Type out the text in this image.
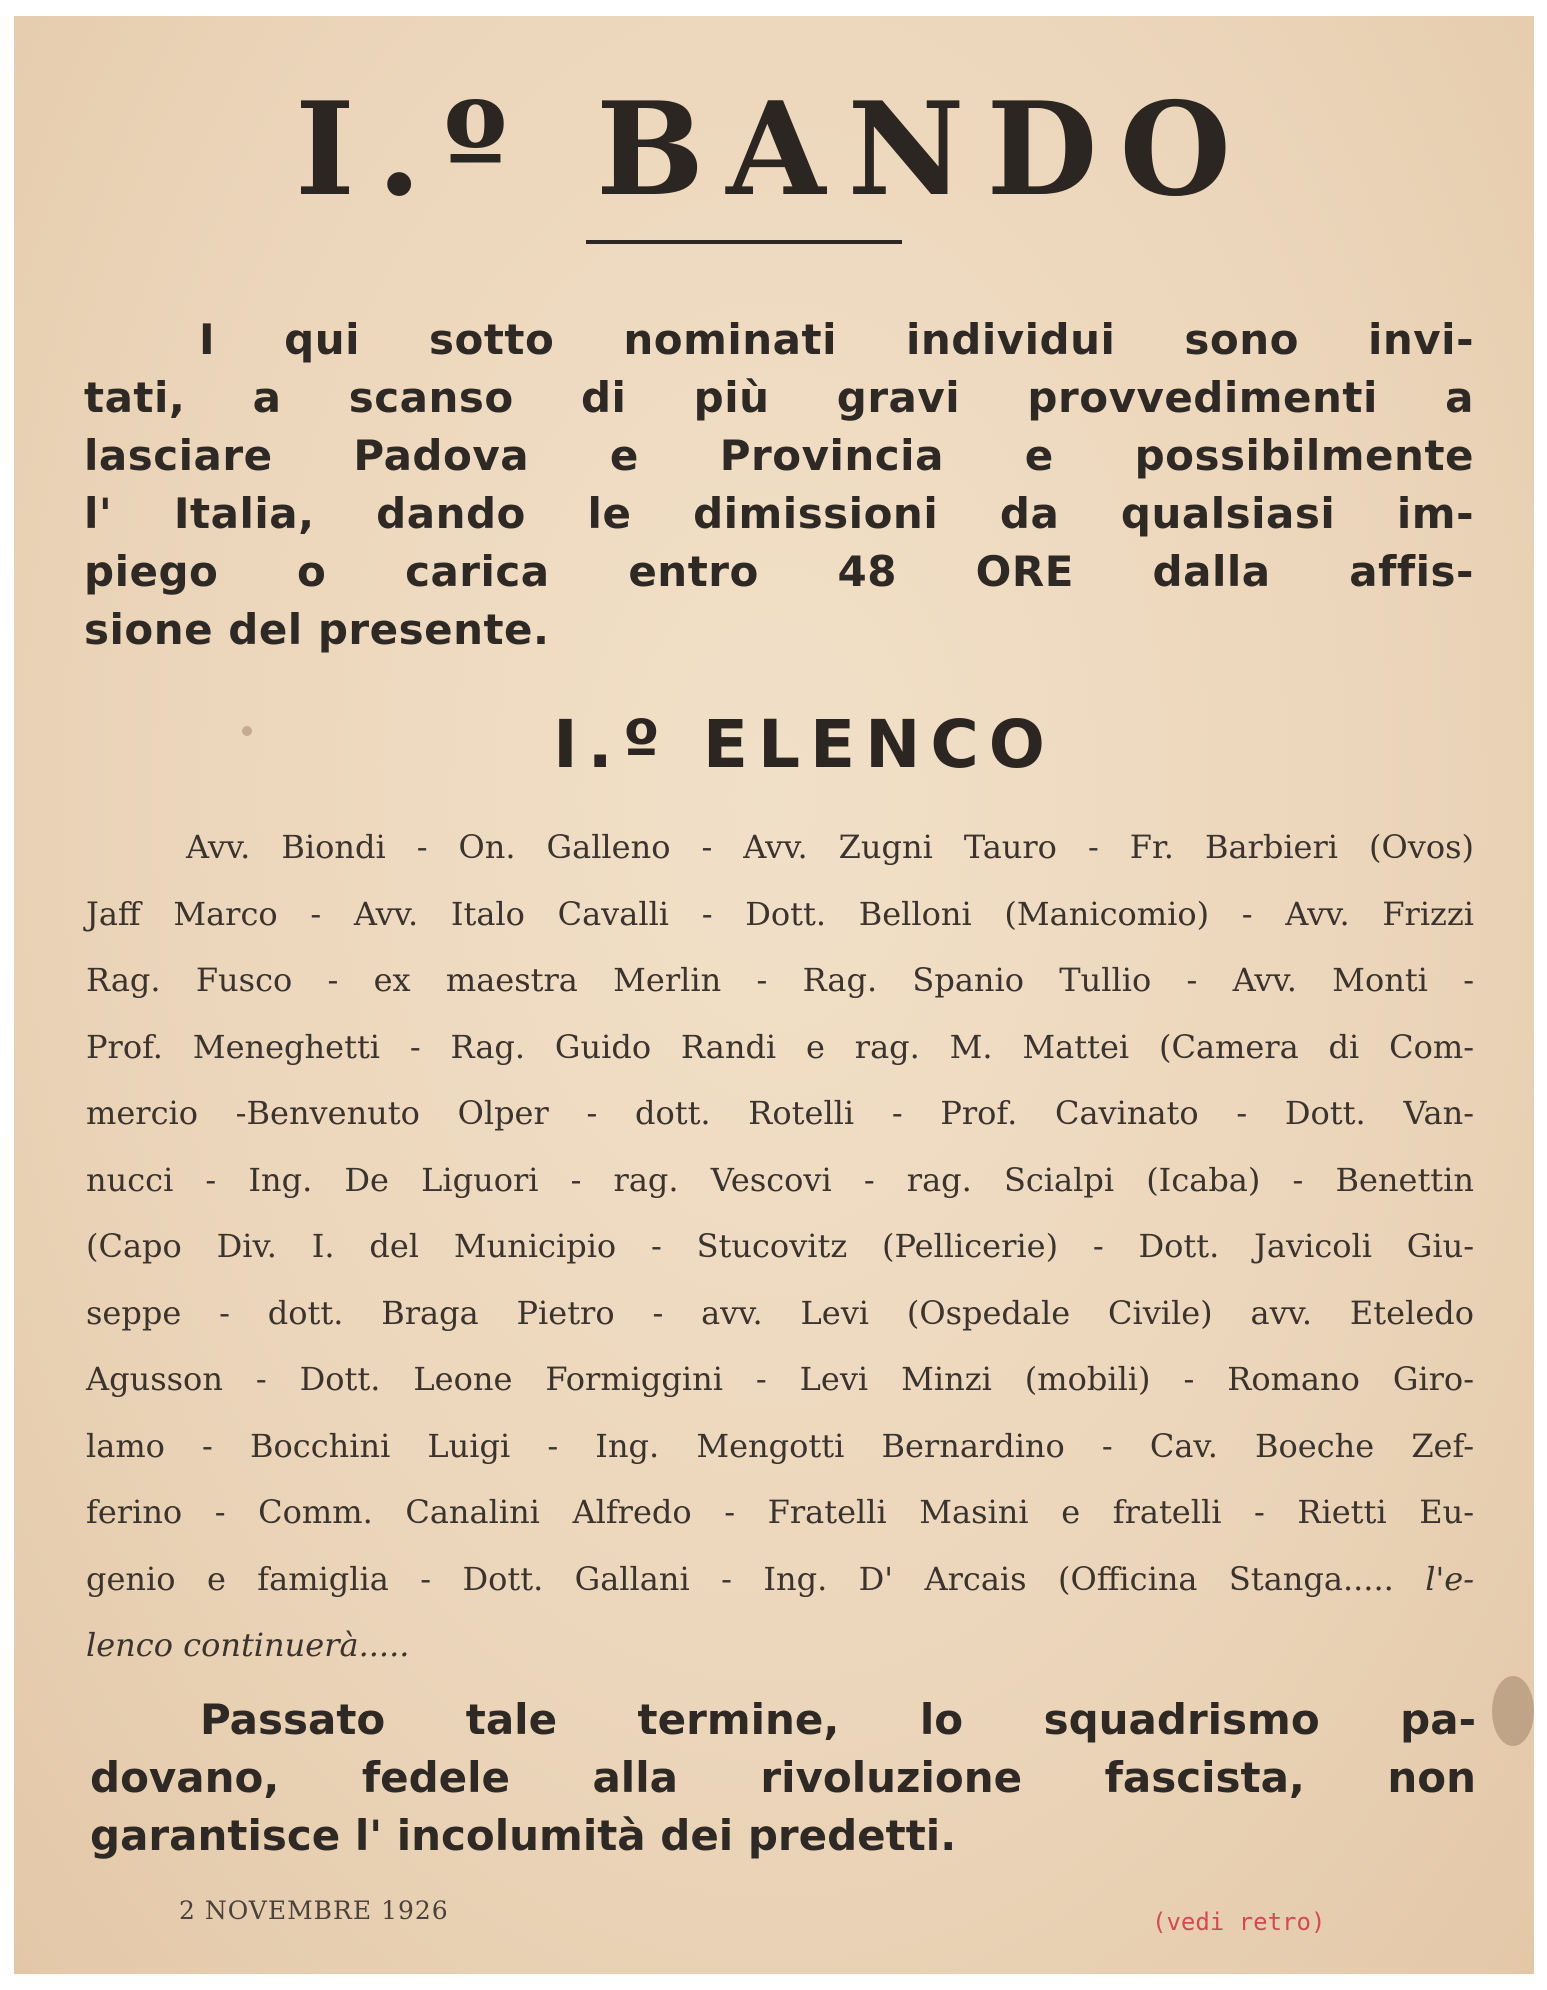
I.º BANDO
I qui sotto nominati individui sono invi-
tati, a scanso di più gravi provvedimenti a
lasciare Padova e Provincia e possibilmente
l' Italia, dando le dimissioni da qualsiasi im-
piego o carica entro 48 ORE dalla affis-
sione del presente.
I.º ELENCO
Avv. Biondi - On. Galleno - Avv. Zugni Tauro - Fr. Barbieri (Ovos)
Jaff Marco - Avv. Italo Cavalli - Dott. Belloni (Manicomio) - Avv. Frizzi
Rag. Fusco - ex maestra Merlin - Rag. Spanio Tullio - Avv. Monti -
Prof. Meneghetti - Rag. Guido Randi e rag. M. Mattei (Camera di Com-
mercio -Benvenuto Olper - dott. Rotelli - Prof. Cavinato - Dott. Van-
nucci - Ing. De Liguori - rag. Vescovi - rag. Scialpi (Icaba) - Benettin
(Capo Div. I. del Municipio - Stucovitz (Pellicerie) - Dott. Javicoli Giu-
seppe - dott. Braga Pietro - avv. Levi (Ospedale Civile) avv. Eteledo
Agusson - Dott. Leone Formiggini - Levi Minzi (mobili) - Romano Giro-
lamo - Bocchini Luigi - Ing. Mengotti Bernardino - Cav. Boeche Zef-
ferino - Comm. Canalini Alfredo - Fratelli Masini e fratelli - Rietti Eu-
genio e famiglia - Dott. Gallani - Ing. D' Arcais (Officina Stanga..... l'e-
lenco continuerà.....
Passato tale termine, lo squadrismo pa-
dovano, fedele alla rivoluzione fascista, non
garantisce l' incolumità dei predetti.
2 NOVEMBRE 1926	(vedi retro)
